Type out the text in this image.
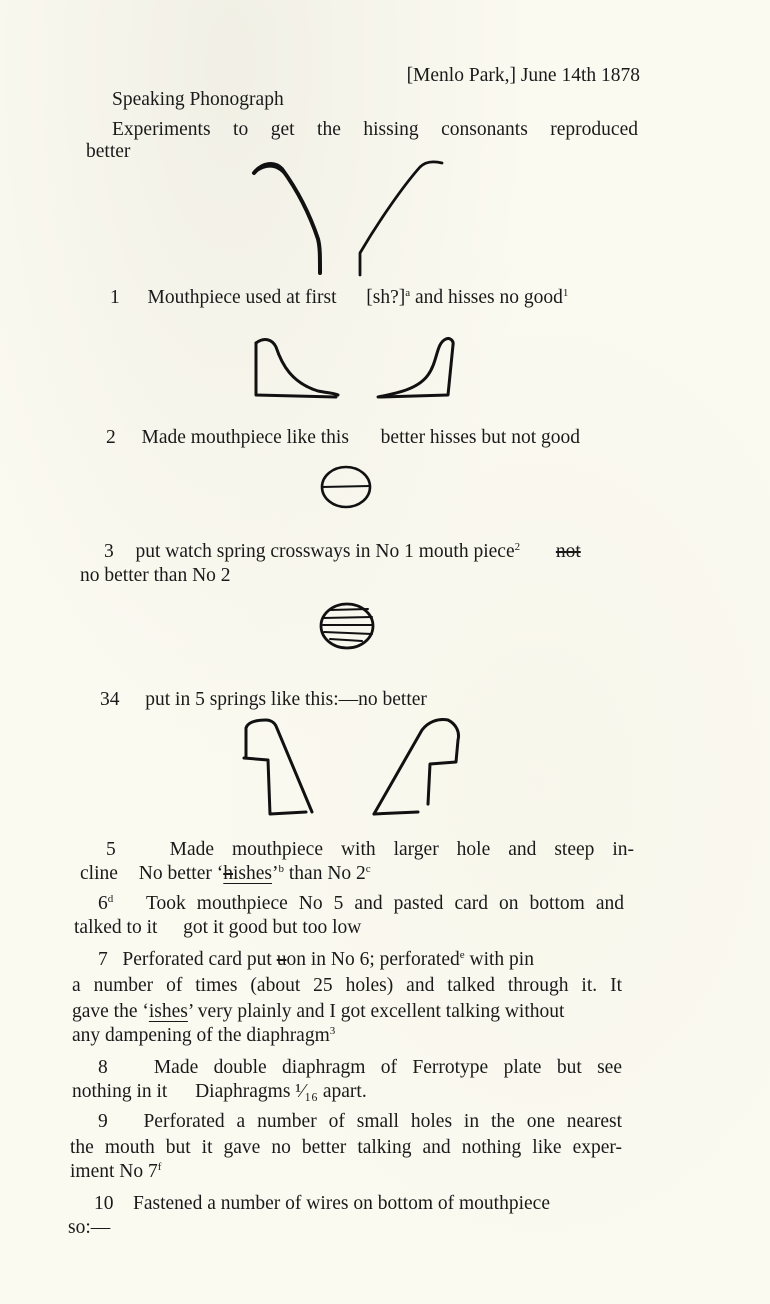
[Menlo Park,] June 14th 1878
Speaking Phonograph
Experiments to get the hissing consonants reproduced
better
1 Mouthpiece used at first [sh?]$^a$ and hisses no good$^1$
2 Made mouthpiece like this better hisses but not good
3 put watch spring crossways in No 1 mouth piece$^2$ not
no better than No 2
34 put in 5 springs like this:—no better
5	Made mouthpiece with larger hole and steep in-
cline No better ‘hishes’$^b$ than No 2$^c$
6$^d$ Took mouthpiece No 5 and pasted card on bottom and
talked to it got it good but too low
7 Perforated card put uon in No 6; perforated$^e$ with pin
a number of times (about 25 holes) and talked through it. It
gave the ‘ishes’ very plainly and I got excellent talking without
any dampening of the diaphragm$^3$
8 Made double diaphragm of Ferrotype plate but see
nothing in it Diaphragms ¹⁄₁₆ apart.
9 Perforated a number of small holes in the one nearest
the mouth but it gave no better talking and nothing like exper-
iment No 7$^f$
10 Fastened a number of wires on bottom of mouthpiece
so:—
